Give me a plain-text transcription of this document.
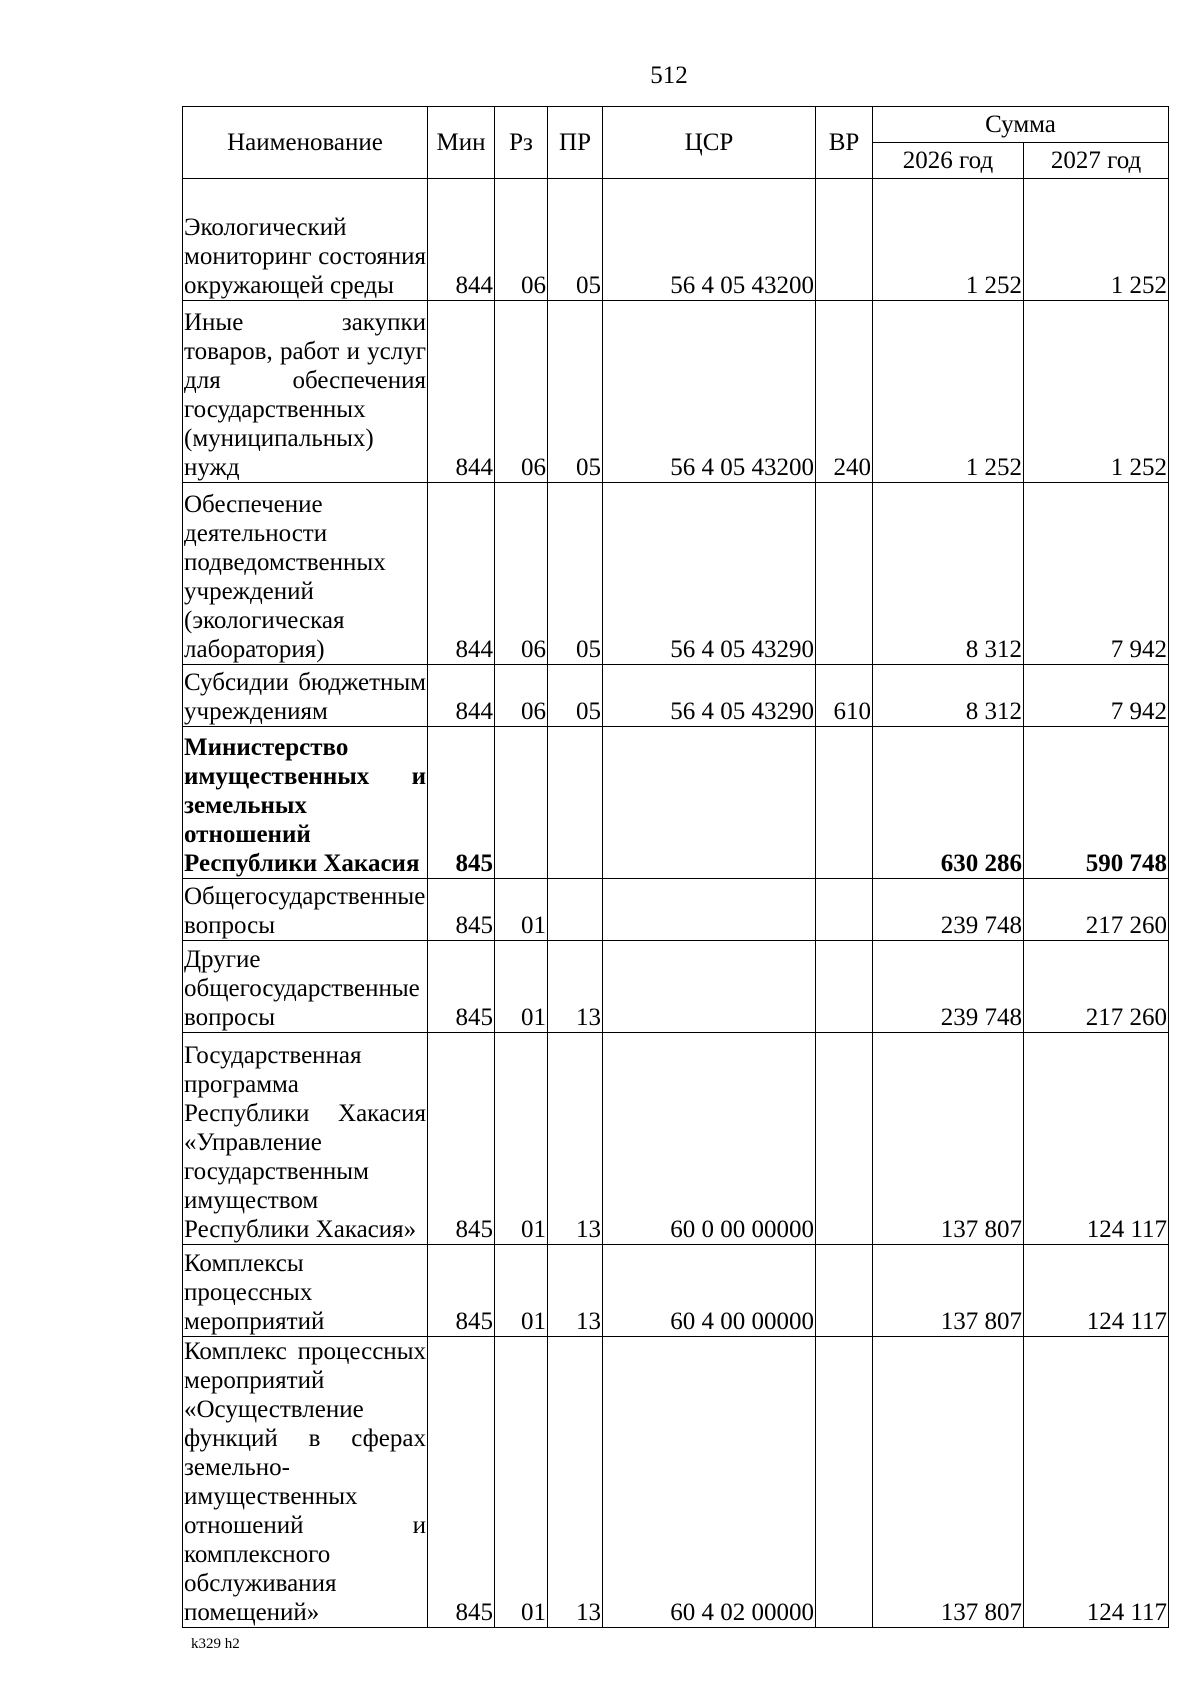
512
Наименование	Мин	Рз	ПР	ЦСР	ВР	Сумма	
						2026 год	2027 год
Экологический мониторинг состояния окружающей среды	844	06	05	56 4 05 43200		1 252	1 252
Иные закупки товаров, работ и услуг для обеспечения государственных (муниципальных) нужд	844	06	05	56 4 05 43200	240	1 252	1 252
Обеспечение деятельности подведомственных учреждений (экологическая лаборатория)	844	06	05	56 4 05 43290		8 312	7 942
Субсидии бюджетным учреждениям	844	06	05	56 4 05 43290	610	8 312	7 942
Министерство имущественных и земельных отношений Республики Хакасия	845					630 286	590 748
Общегосударственные вопросы	845	01				239 748	217 260
Другие общегосударственные вопросы	845	01	13			239 748	217 260
Государственная программа Республики Хакасия «Управление государственным имуществом Республики Хакасия»	845	01	13	60 0 00 00000		137 807	124 117
Комплексы процессных мероприятий	845	01	13	60 4 00 00000		137 807	124 117
Комплекс процессных мероприятий «Осуществление функций в сферах земельно-имущественных отношений и комплексного обслуживания помещений»	845	01	13	60 4 02 00000		137 807	124 117
k329 h2
